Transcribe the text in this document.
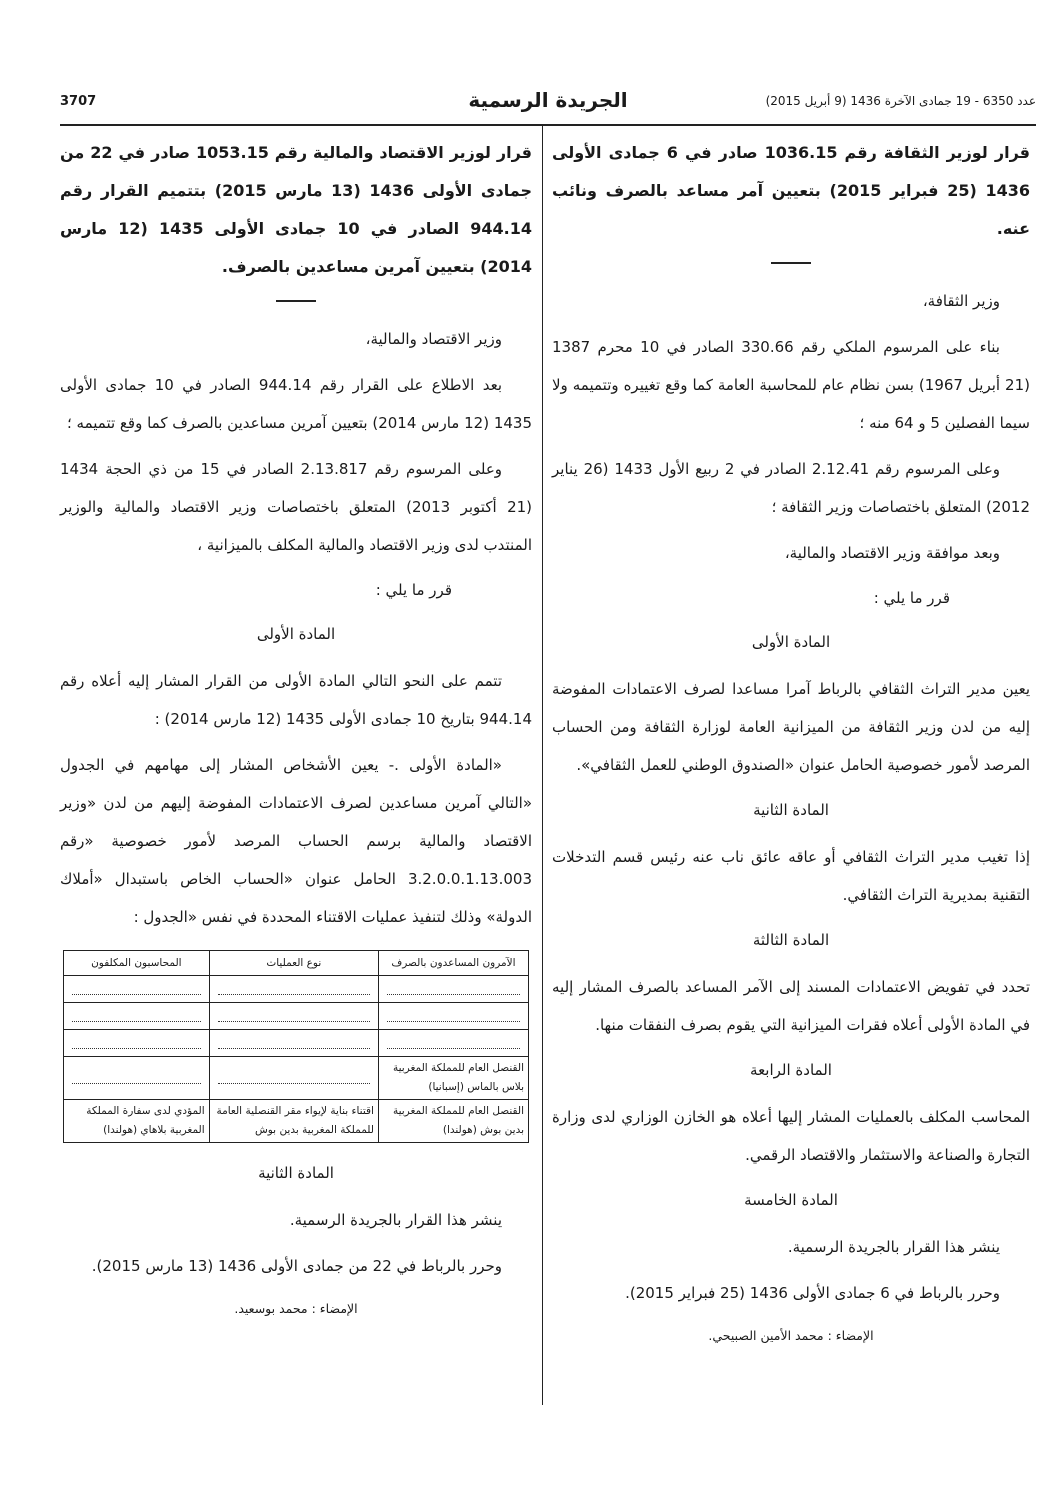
3707	الجريدة الرسمية	عدد 6350 - 19 جمادى الآخرة 1436 (9 أبريل 2015)

قرار لوزير الثقافة رقم 1036.15 صادر في 6 جمادى الأولى 1436 (25 فبراير 2015) بتعيين آمر مساعد بالصرف ونائب عنه.

وزير الثقافة،

بناء على المرسوم الملكي رقم 330.66 الصادر في 10 محرم 1387 (21 أبريل 1967) بسن نظام عام للمحاسبة العامة كما وقع تغييره وتتميمه ولا سيما الفصلين 5 و 64 منه ؛

وعلى المرسوم رقم 2.12.41 الصادر في 2 ربيع الأول 1433 (26 يناير 2012) المتعلق باختصاصات وزير الثقافة ؛

وبعد موافقة وزير الاقتصاد والمالية،

قرر ما يلي :

المادة الأولى

يعين مدير التراث الثقافي بالرباط آمرا مساعدا لصرف الاعتمادات المفوضة إليه من لدن وزير الثقافة من الميزانية العامة لوزارة الثقافة ومن الحساب المرصد لأمور خصوصية الحامل عنوان «الصندوق الوطني للعمل الثقافي».

المادة الثانية

إذا تغيب مدير التراث الثقافي أو عاقه عائق ناب عنه رئيس قسم التدخلات التقنية بمديرية التراث الثقافي.

المادة الثالثة

تحدد في تفويض الاعتمادات المسند إلى الآمر المساعد بالصرف المشار إليه في المادة الأولى أعلاه فقرات الميزانية التي يقوم بصرف النفقات منها.

المادة الرابعة

المحاسب المكلف بالعمليات المشار إليها أعلاه هو الخازن الوزاري لدى وزارة التجارة والصناعة والاستثمار والاقتصاد الرقمي.

المادة الخامسة

ينشر هذا القرار بالجريدة الرسمية.

وحرر بالرباط في 6 جمادى الأولى 1436 (25 فبراير 2015).

الإمضاء : محمد الأمين الصبيحي.

قرار لوزير الاقتصاد والمالية رقم 1053.15 صادر في 22 من جمادى الأولى 1436 (13 مارس 2015) بتتميم القرار رقم 944.14 الصادر في 10 جمادى الأولى 1435 (12 مارس 2014) بتعيين آمرين مساعدين بالصرف.

وزير الاقتصاد والمالية،

بعد الاطلاع على القرار رقم 944.14 الصادر في 10 جمادى الأولى 1435 (12 مارس 2014) بتعيين آمرين مساعدين بالصرف كما وقع تتميمه ؛

وعلى المرسوم رقم 2.13.817 الصادر في 15 من ذي الحجة 1434 (21 أكتوبر 2013) المتعلق باختصاصات وزير الاقتصاد والمالية والوزير المنتدب لدى وزير الاقتصاد والمالية المكلف بالميزانية ،

قرر ما يلي :

المادة الأولى

تتمم على النحو التالي المادة الأولى من القرار المشار إليه أعلاه رقم 944.14 بتاريخ 10 جمادى الأولى 1435 (12 مارس 2014) :

«المادة الأولى .- يعين الأشخاص المشار إلى مهامهم في الجدول «التالي آمرين مساعدين لصرف الاعتمادات المفوضة إليهم من لدن «وزير الاقتصاد والمالية برسم الحساب المرصد لأمور خصوصية «رقم 3.2.0.0.1.13.003 الحامل عنوان «الحساب الخاص باستبدال «أملاك الدولة» وذلك لتنفيذ عمليات الاقتناء المحددة في نفس «الجدول :

الآمرون المساعدون بالصرف	نوع العمليات	المحاسبون المكلفون

القنصل العام للمملكة المغربية بلاس بالماس (إسبانيا)	

القنصل العام للمملكة المغربية بدين بوش (هولندا)	اقتناء بناية لإيواء مقر القنصلية العامة للمملكة المغربية بدين بوش	المؤدي لدى سفارة المملكة المغربية بلاهاي (هولندا)

المادة الثانية

ينشر هذا القرار بالجريدة الرسمية.

وحرر بالرباط في 22 من جمادى الأولى 1436 (13 مارس 2015).

الإمضاء : محمد بوسعيد.
